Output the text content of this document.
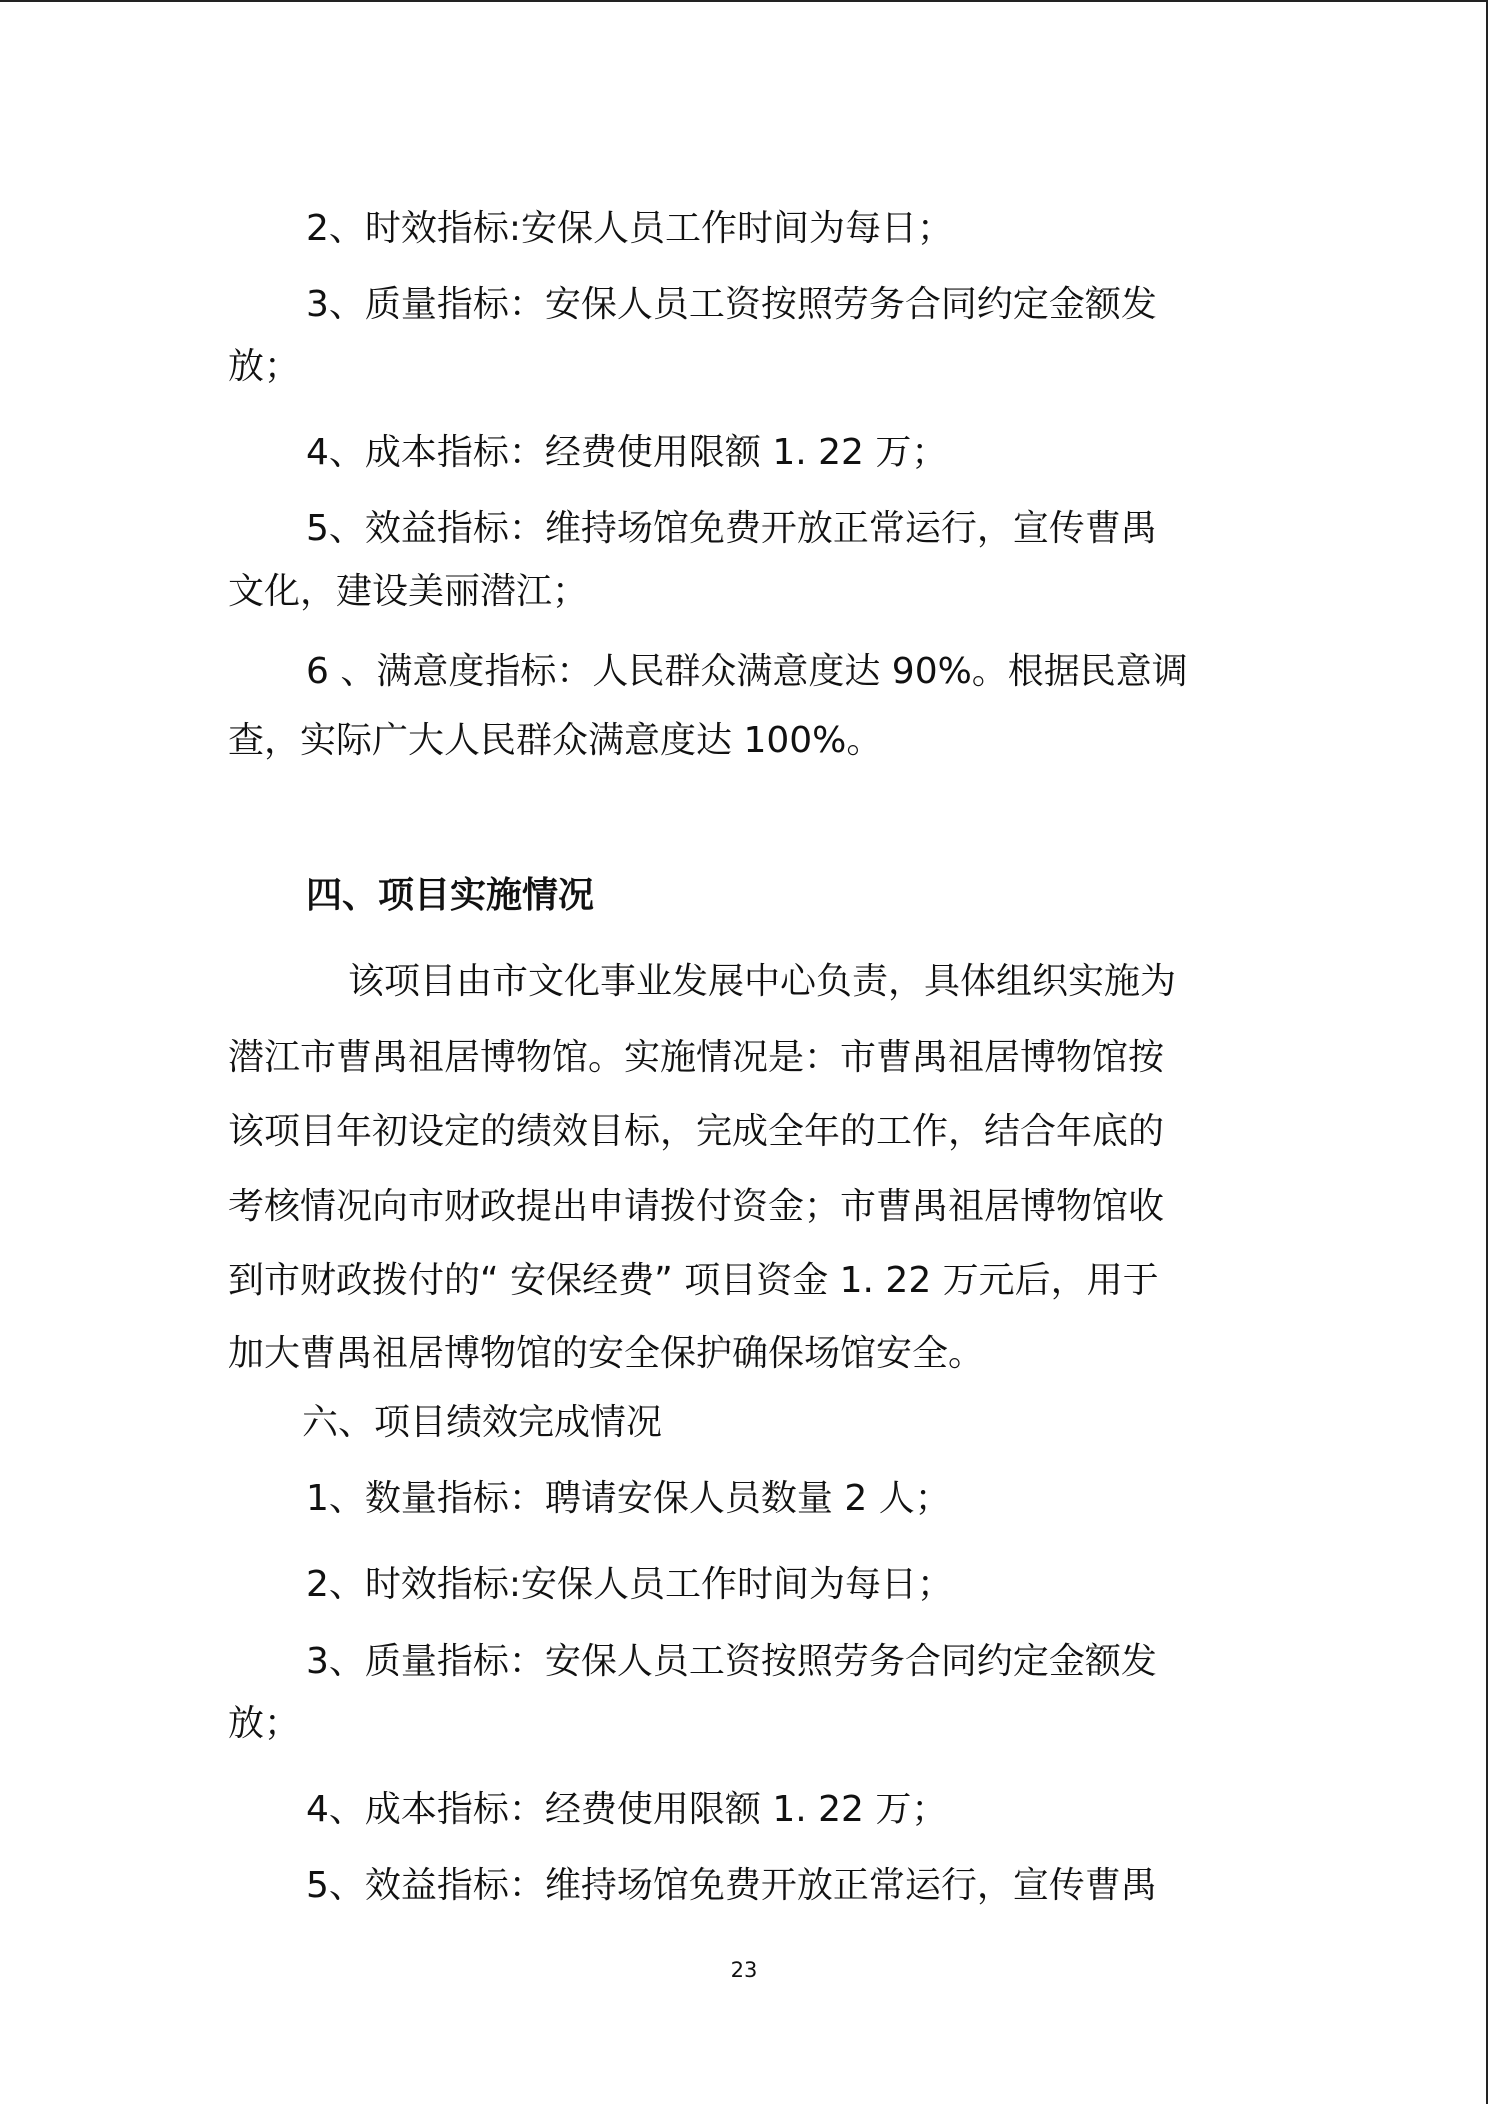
2、时效指标:安保人员工作时间为每日；

3、质量指标：安保人员工资按照劳务合同约定金额发

放；

4、成本指标：经费使用限额 1. 22 万；

5、效益指标：维持场馆免费开放正常运行，宣传曹禺

文化，建设美丽潜江；

6 、满意度指标：人民群众满意度达 90%。根据民意调

查，实际广大人民群众满意度达 100%。

四、项目实施情况

该项目由市文化事业发展中心负责，具体组织实施为

潜江市曹禺祖居博物馆。实施情况是：市曹禺祖居博物馆按

该项目年初设定的绩效目标，完成全年的工作，结合年底的

考核情况向市财政提出申请拨付资金；市曹禺祖居博物馆收

到市财政拨付的“ 安保经费” 项目资金 1. 22 万元后，用于

加大曹禺祖居博物馆的安全保护确保场馆安全。

六、项目绩效完成情况

1、数量指标：聘请安保人员数量 2 人；

2、时效指标:安保人员工作时间为每日；

3、质量指标：安保人员工资按照劳务合同约定金额发

放；

4、成本指标：经费使用限额 1. 22 万；

5、效益指标：维持场馆免费开放正常运行，宣传曹禺

23
